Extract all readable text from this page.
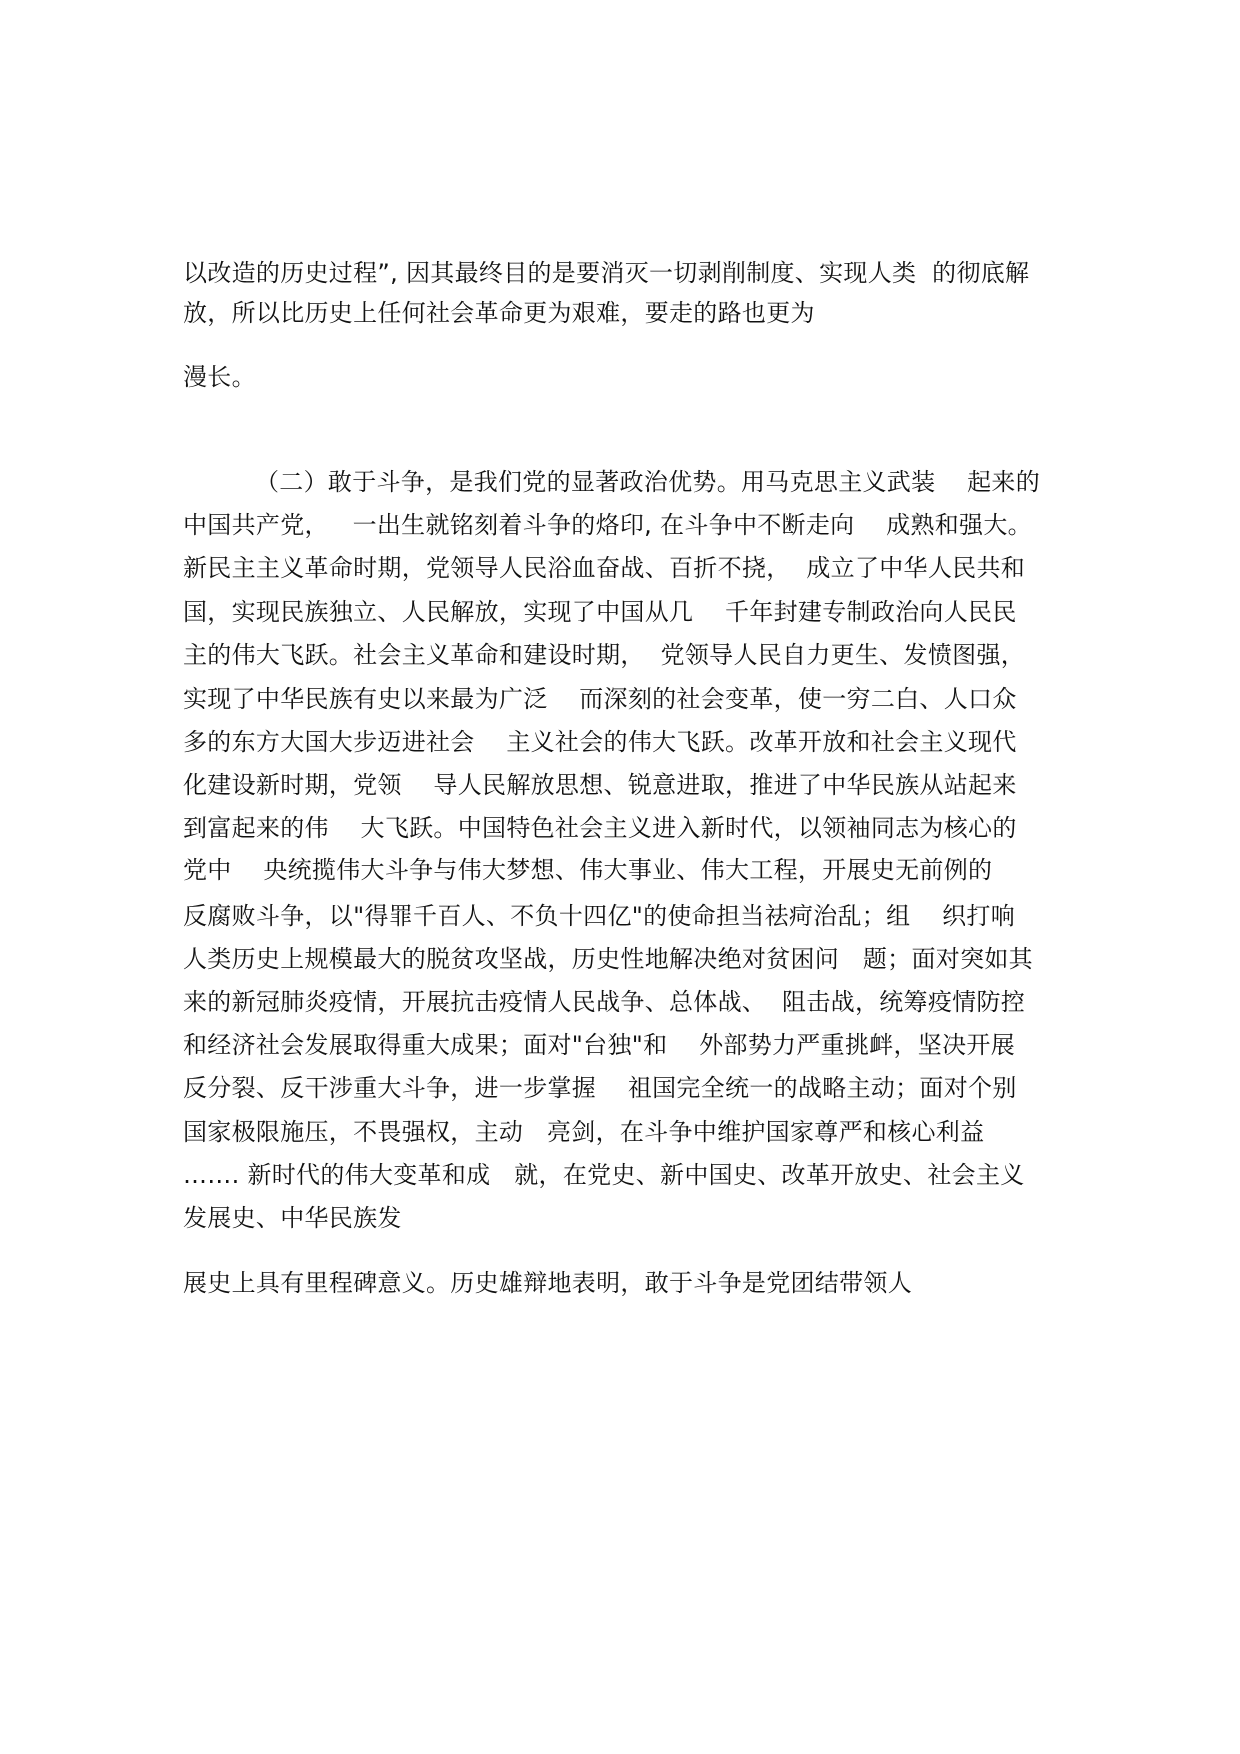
以改造的历史过程”, 因其最终目的是要消灭一切剥削制度、实现人类  的彻底解

放，所以比历史上任何社会革命更为艰难，要走的路也更为

漫长。

（二）敢于斗争，是我们党的显著政治优势。用马克思主义武装    起来的

中国共产党，   一出生就铭刻着斗争的烙印, 在斗争中不断走向    成熟和强大。

新民主主义革命时期，党领导人民浴血奋战、百折不挠，  成立了中华人民共和

国，实现民族独立、人民解放，实现了中国从几    千年封建专制政治向人民民

主的伟大飞跃。社会主义革命和建设时期，  党领导人民自力更生、发愤图强，

实现了中华民族有史以来最为广泛    而深刻的社会变革，使一穷二白、人口众

多的东方大国大步迈进社会    主义社会的伟大飞跃。改革开放和社会主义现代

化建设新时期，党领    导人民解放思想、锐意进取，推进了中华民族从站起来

到富起来的伟    大飞跃。中国特色社会主义进入新时代，以领袖同志为核心的

党中    央统揽伟大斗争与伟大梦想、伟大事业、伟大工程，开展史无前例的

反腐败斗争，以"得罪千百人、不负十四亿"的使命担当祛疴治乱；组    织打响

人类历史上规模最大的脱贫攻坚战，历史性地解决绝对贫困问   题；面对突如其

来的新冠肺炎疫情，开展抗击疫情人民战争、总体战、  阻击战，统筹疫情防控

和经济社会发展取得重大成果；面对"台独"和    外部势力严重挑衅，坚决开展

反分裂、反干涉重大斗争，进一步掌握    祖国完全统一的战略主动；面对个别

国家极限施压，不畏强权，主动   亮剑，在斗争中维护国家尊严和核心利益

……. 新时代的伟大变革和成   就，在党史、新中国史、改革开放史、社会主义

发展史、中华民族发

展史上具有里程碑意义。历史雄辩地表明，敢于斗争是党团结带领人
